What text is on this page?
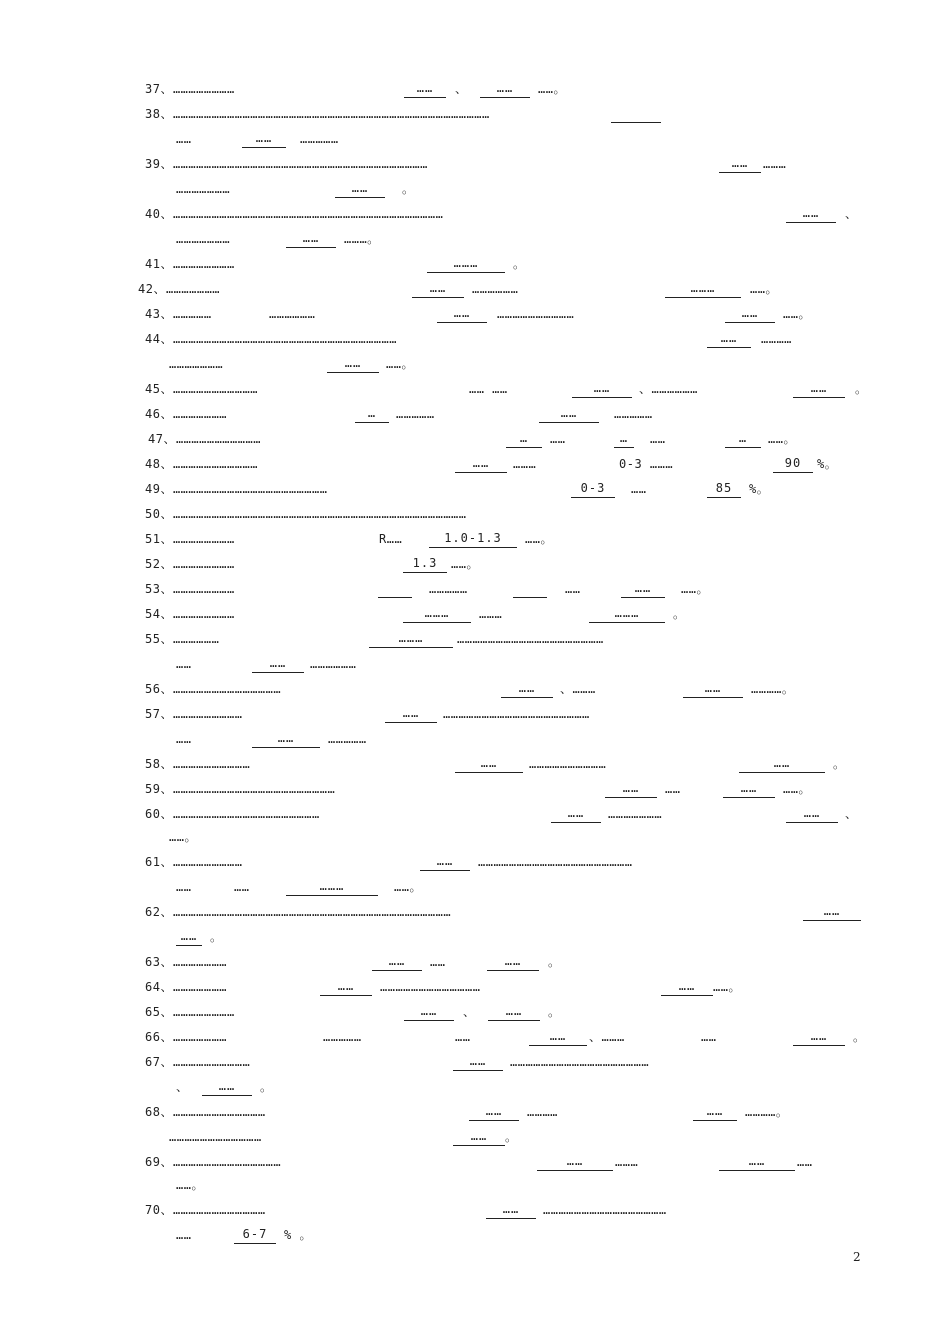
37、……………………	……	、	……	……。
38、……………………………………………………………………………………………………………
……	……	……………
39、………………………………………………………………………………………	……	………
…………………	……	。
40、……………………………………………………………………………………………	……	、
…………………	……	………。
41、……………………	………	。
42、…………………	……	………………	………	……。
43、……………	………………	……	…………………………	……	……。
44、……………………………………………………………………………	……	…………
…………………	……	……。
45、……………………………	…… ……	……	、………………	……	。
46、…………………	…	……………	……	……………
47、……………………………	…	……	…	……	…	……。
48、……………………………	……	………	0-3 ………	90	%。
49、……………………………………………………	0-3	……	85	%。
50、……………………………………………………………………………………………………
51、……………………	R……	1.0-1.3	……。
52、……………………	1.3	……。
53、……………………	……………	……	……	……。
54、……………………	………	………	………	。
55、………………	………	…………………………………………………
……	……	………………
56、……………………………………	……	、………	……	…………。
57、………………………	……	…………………………………………………
……	……	……………
58、…………………………	……	…………………………	……	。
59、………………………………………………………	……	……	……	……。
60、…………………………………………………	……	…………………	……	、
……。
61、………………………	……	……………………………………………………
……	……	………	……。
62、………………………………………………………………………………………………	……
……	。
63、…………………	……	……	……	。
64、…………………	……	…………………………………	……	……。
65、……………………	……	、	……	。
66、…………………	……………	……	……	、………	……	……	。
67、…………………………	……	………………………………………………
、	……	。
68、………………………………	……	…………	……	…………。
………………………………	……	。
69、……………………………………	……	………	……	……
……。
70、………………………………	……	…………………………………………
……	6-7	% 。
2
